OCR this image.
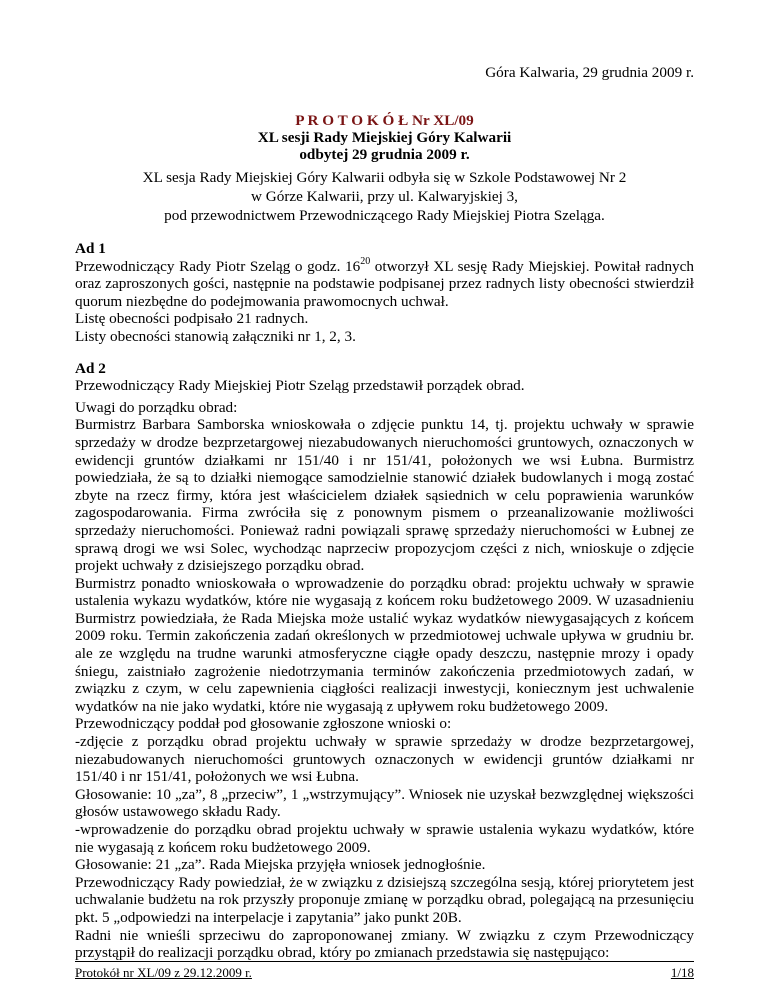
Góra Kalwaria, 29 grudnia 2009 r.
P R O T O K Ó Ł Nr XL/09
XL sesji Rady Miejskiej Góry Kalwarii
odbytej 29 grudnia 2009 r.
XL sesja Rady Miejskiej Góry Kalwarii odbyła się w Szkole Podstawowej Nr 2
w Górze Kalwarii, przy ul. Kalwaryjskiej 3,
pod przewodnictwem Przewodniczącego Rady Miejskiej Piotra Szeląga.

Ad 1

Przewodniczący Rady Piotr Szeląg o godz. $16^{20}$ otworzył XL sesję Rady Miejskiej. Powitał radnych oraz zaproszonych gości, następnie na podstawie podpisanej przez radnych listy obecności stwierdził quorum niezbędne do podejmowania prawomocnych uchwał.

Listę obecności podpisało 21 radnych.

Listy obecności stanowią załączniki nr 1, 2, 3.

Ad 2

Przewodniczący Rady Miejskiej Piotr Szeląg przedstawił porządek obrad.

Uwagi do porządku obrad:

Burmistrz Barbara Samborska wnioskowała o zdjęcie punktu 14, tj. projektu uchwały w sprawie sprzedaży w drodze bezprzetargowej niezabudowanych nieruchomości gruntowych, oznaczonych w ewidencji gruntów działkami nr 151/40 i nr 151/41, położonych we wsi Łubna. Burmistrz powiedziała, że są to działki niemogące samodzielnie stanowić działek budowlanych i mogą zostać zbyte na rzecz firmy, która jest właścicielem działek sąsiednich w celu poprawienia warunków zagospodarowania. Firma zwróciła się z ponownym pismem o przeanalizowanie możliwości sprzedaży nieruchomości. Ponieważ radni powiązali sprawę sprzedaży nieruchomości w Łubnej ze sprawą drogi we wsi Solec, wychodząc naprzeciw propozycjom części z nich, wnioskuje o zdjęcie projekt uchwały z dzisiejszego porządku obrad.

Burmistrz ponadto wnioskowała o wprowadzenie do porządku obrad: projektu uchwały w sprawie ustalenia wykazu wydatków, które nie wygasają z końcem roku budżetowego 2009. W uzasadnieniu Burmistrz powiedziała, że Rada Miejska może ustalić wykaz wydatków niewygasających z końcem 2009 roku. Termin zakończenia zadań określonych w przedmiotowej uchwale upływa w grudniu br. ale ze względu na trudne warunki atmosferyczne ciągłe opady deszczu, następnie mrozy i opady śniegu, zaistniało zagrożenie niedotrzymania terminów zakończenia przedmiotowych zadań, w związku z czym, w celu zapewnienia ciągłości realizacji inwestycji, koniecznym jest uchwalenie wydatków na nie jako wydatki, które nie wygasają z upływem roku budżetowego 2009.

Przewodniczący poddał pod głosowanie zgłoszone wnioski o:

-zdjęcie z porządku obrad projektu uchwały w sprawie sprzedaży w drodze bezprzetargowej, niezabudowanych nieruchomości gruntowych oznaczonych w ewidencji gruntów działkami nr 151/40 i nr 151/41, położonych we wsi Łubna.

Głosowanie: 10 „za”, 8 „przeciw”, 1 „wstrzymujący”. Wniosek nie uzyskał bezwzględnej większości głosów ustawowego składu Rady.

-wprowadzenie do porządku obrad projektu uchwały w sprawie ustalenia wykazu wydatków, które nie wygasają z końcem roku budżetowego 2009.

Głosowanie: 21 „za”. Rada Miejska przyjęła wniosek jednogłośnie.

Przewodniczący Rady powiedział, że w związku z dzisiejszą szczególna sesją, której priorytetem jest uchwalanie budżetu na rok przyszły proponuje zmianę w porządku obrad, polegającą na przesunięciu pkt. 5 „odpowiedzi na interpelacje i zapytania” jako punkt 20B.

Radni nie wnieśli sprzeciwu do zaproponowanej zmiany. W związku z czym Przewodniczący przystąpił do realizacji porządku obrad, który po zmianach przedstawia się następująco:

Protokół nr XL/09 z 29.12.2009 r.	1/18
